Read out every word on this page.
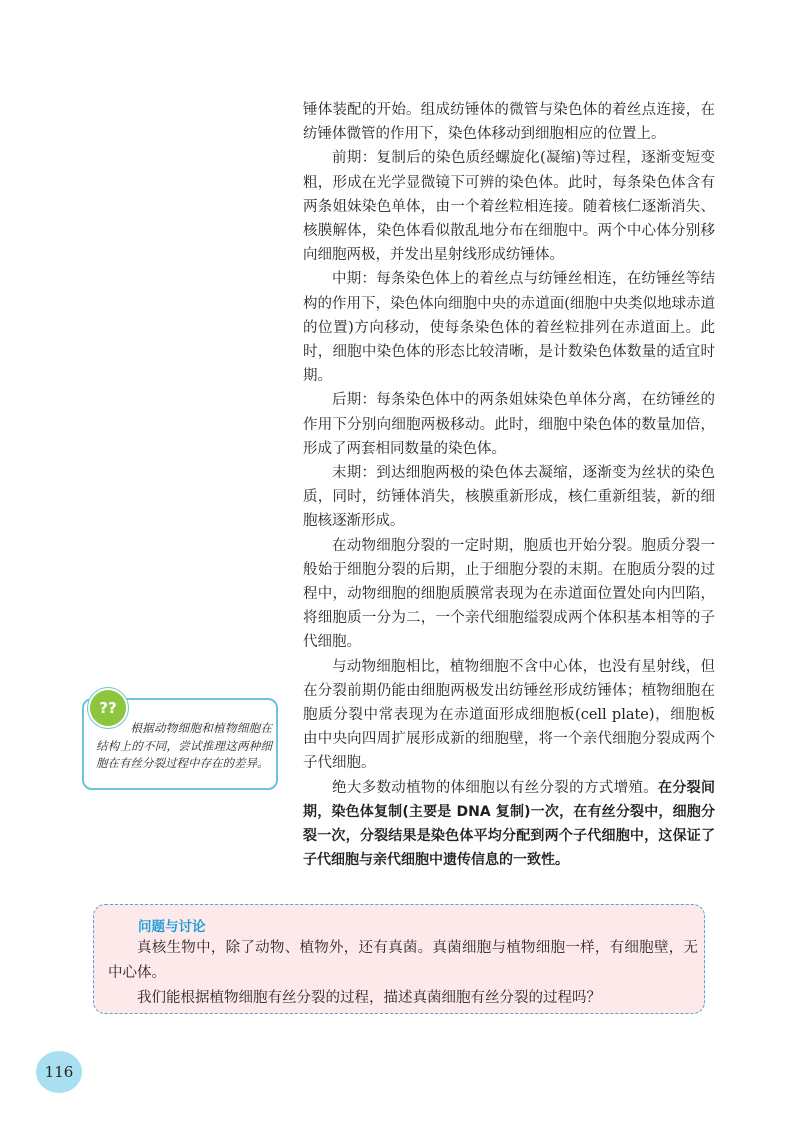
锤体装配的开始。组成纺锤体的微管与染色体的着丝点连接，在纺锤体微管的作用下，染色体移动到细胞相应的位置上。

前期：复制后的染色质经螺旋化(凝缩)等过程，逐渐变短变粗，形成在光学显微镜下可辨的染色体。此时，每条染色体含有两条姐妹染色单体，由一个着丝粒相连接。随着核仁逐渐消失、核膜解体，染色体看似散乱地分布在细胞中。两个中心体分别移向细胞两极，并发出星射线形成纺锤体。

中期：每条染色体上的着丝点与纺锤丝相连，在纺锤丝等结构的作用下，染色体向细胞中央的赤道面(细胞中央类似地球赤道的位置)方向移动，使每条染色体的着丝粒排列在赤道面上。此时，细胞中染色体的形态比较清晰，是计数染色体数量的适宜时期。

后期：每条染色体中的两条姐妹染色单体分离，在纺锤丝的作用下分别向细胞两极移动。此时，细胞中染色体的数量加倍，形成了两套相同数量的染色体。

末期：到达细胞两极的染色体去凝缩，逐渐变为丝状的染色质，同时，纺锤体消失，核膜重新形成，核仁重新组装，新的细胞核逐渐形成。

在动物细胞分裂的一定时期，胞质也开始分裂。胞质分裂一般始于细胞分裂的后期，止于细胞分裂的末期。在胞质分裂的过程中，动物细胞的细胞质膜常表现为在赤道面位置处向内凹陷，将细胞质一分为二，一个亲代细胞缢裂成两个体积基本相等的子代细胞。

与动物细胞相比，植物细胞不含中心体，也没有星射线，但在分裂前期仍能由细胞两极发出纺锤丝形成纺锤体；植物细胞在胞质分裂中常表现为在赤道面形成细胞板(cell plate)，细胞板由中央向四周扩展形成新的细胞壁，将一个亲代细胞分裂成两个子代细胞。

绝大多数动植物的体细胞以有丝分裂的方式增殖。在分裂间期，染色体复制(主要是 DNA 复制)一次，在有丝分裂中，细胞分裂一次，分裂结果是染色体平均分配到两个子代细胞中，这保证了子代细胞与亲代细胞中遗传信息的一致性。

??
根据动物细胞和植物细胞在结构上的不同，尝试推理这两种细胞在有丝分裂过程中存在的差异。
问题与讨论

真核生物中，除了动物、植物外，还有真菌。真菌细胞与植物细胞一样，有细胞壁，无中心体。

我们能根据植物细胞有丝分裂的过程，描述真菌细胞有丝分裂的过程吗？

116
